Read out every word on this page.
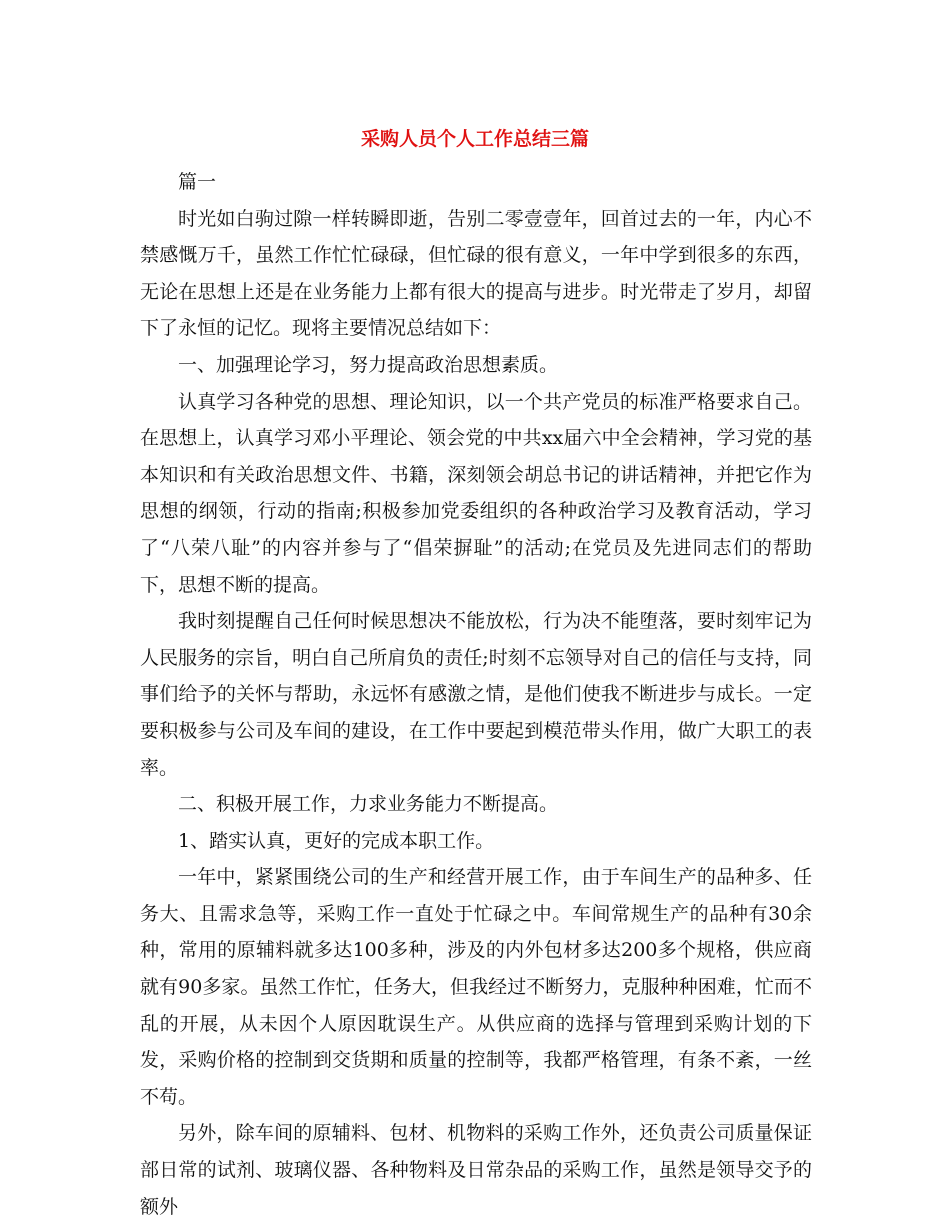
采购人员个人工作总结三篇

篇一

时光如白驹过隙一样转瞬即逝，告别二零壹壹年，回首过去的一年，内心不禁感慨万千，虽然工作忙忙碌碌，但忙碌的很有意义，一年中学到很多的东西，无论在思想上还是在业务能力上都有很大的提高与进步。时光带走了岁月，却留下了永恒的记忆。现将主要情况总结如下：

一、加强理论学习，努力提高政治思想素质。

认真学习各种党的思想、理论知识，以一个共产党员的标准严格要求自己。在思想上，认真学习邓小平理论、领会党的中共xx届六中全会精神，学习党的基本知识和有关政治思想文件、书籍，深刻领会胡总书记的讲话精神，并把它作为思想的纲领，行动的指南;积极参加党委组织的各种政治学习及教育活动，学习了“八荣八耻”的内容并参与了“倡荣摒耻”的活动;在党员及先进同志们的帮助下，思想不断的提高。

我时刻提醒自己任何时候思想决不能放松，行为决不能堕落，要时刻牢记为人民服务的宗旨，明白自己所肩负的责任;时刻不忘领导对自己的信任与支持，同事们给予的关怀与帮助，永远怀有感激之情，是他们使我不断进步与成长。一定要积极参与公司及车间的建设，在工作中要起到模范带头作用，做广大职工的表率。

二、积极开展工作，力求业务能力不断提高。

1、踏实认真，更好的完成本职工作。

一年中，紧紧围绕公司的生产和经营开展工作，由于车间生产的品种多、任务大、且需求急等，采购工作一直处于忙碌之中。车间常规生产的品种有30余种，常用的原辅料就多达100多种，涉及的内外包材多达200多个规格，供应商就有90多家。虽然工作忙，任务大，但我经过不断努力，克服种种困难，忙而不乱的开展，从未因个人原因耽误生产。从供应商的选择与管理到采购计划的下发，采购价格的控制到交货期和质量的控制等，我都严格管理，有条不紊，一丝不苟。

另外，除车间的原辅料、包材、机物料的采购工作外，还负责公司质量保证部日常的试剂、玻璃仪器、各种物料及日常杂品的采购工作，虽然是领导交予的额外
